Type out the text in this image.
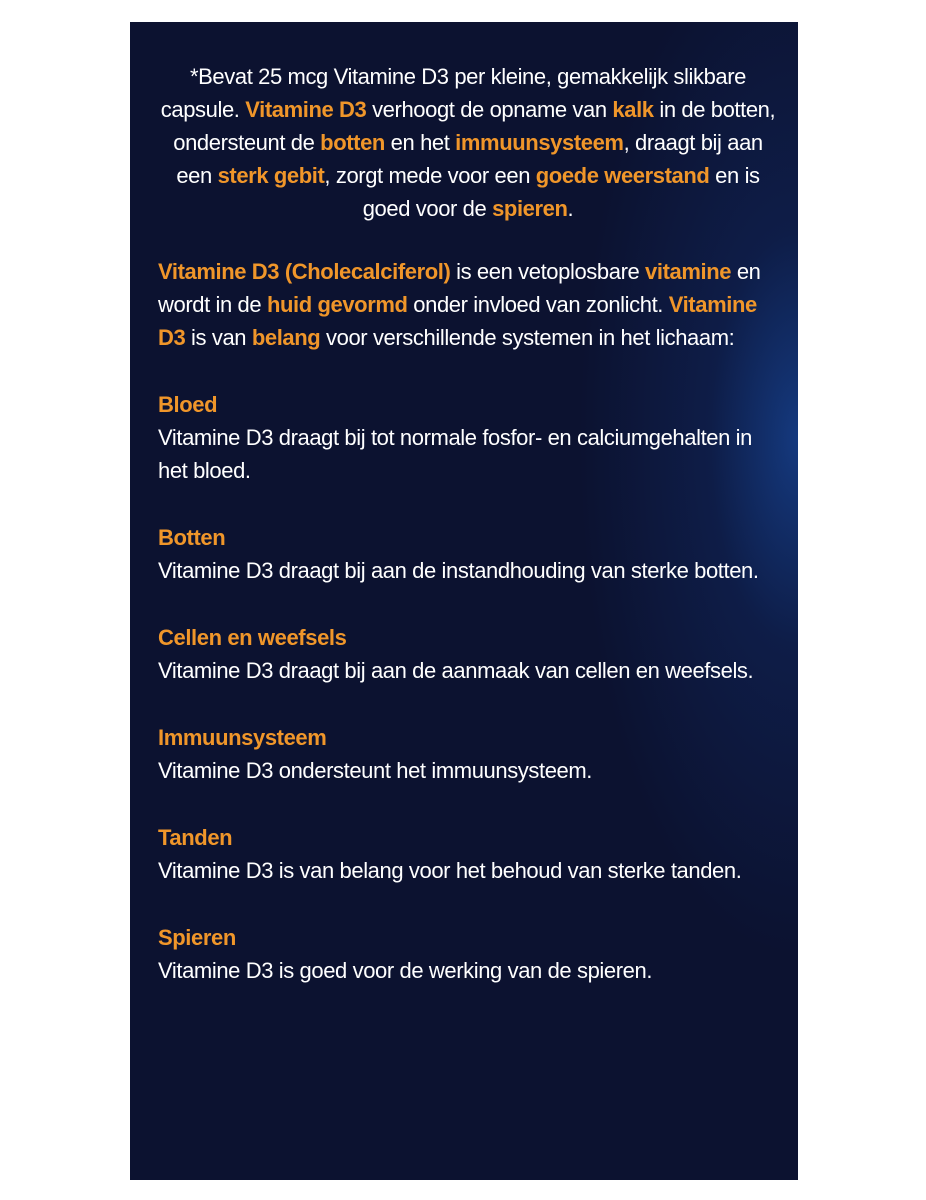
*Bevat 25 mcg Vitamine D3 per kleine, gemakkelijk slikbare capsule. Vitamine D3 verhoogt de opname van kalk in de botten, ondersteunt de botten en het immuunsysteem, draagt bij aan een sterk gebit, zorgt mede voor een goede weerstand en is goed voor de spieren.

Vitamine D3 (Cholecalciferol) is een vetoplosbare vitamine en wordt in de huid gevormd onder invloed van zonlicht. Vitamine D3 is van belang voor verschillende systemen in het lichaam:

Bloed
Vitamine D3 draagt bij tot normale fosfor- en calciumgehalten in het bloed.
Botten
Vitamine D3 draagt bij aan de instandhouding van sterke botten.
Cellen en weefsels
Vitamine D3 draagt bij aan de aanmaak van cellen en weefsels.
Immuunsysteem
Vitamine D3 ondersteunt het immuunsysteem.
Tanden
Vitamine D3 is van belang voor het behoud van sterke tanden.
Spieren
Vitamine D3 is goed voor de werking van de spieren.
